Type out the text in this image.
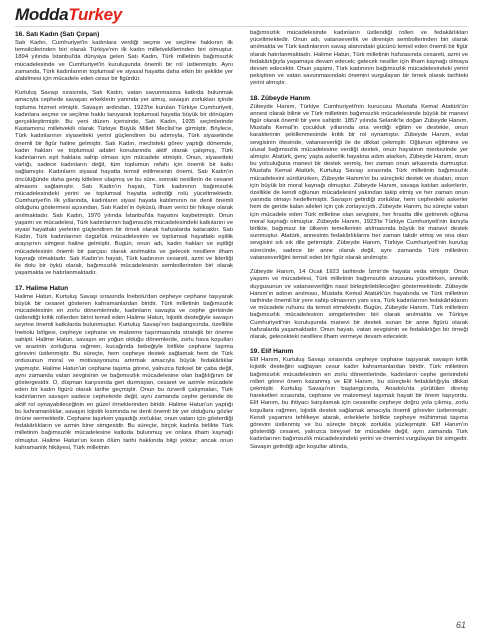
ModdaTurkey
16. Satı Kadın (Satı Çırpan)

Satı Kadın, Cumhuriyet'in kadınlara verdiği seçme ve seçilme hakkının ilk temsilcilerinden biri olarak Türkiye'nin ilk kadın milletvekillerinden biri olmuştur. 1894 yılında İstanbul'da dünyaya gelen Satı Kadın, Türk milletinin bağımsızlık mücadelesinde ve Cumhuriyet'in kuruluşunda önemli bir rol üstlenmiştir. Aynı zamanda, Türk kadınlarının toplumsal ve siyasal hayatta daha etkin bir şekilde yer alabilmesi için mücadele eden cesur bir figürdür.

Kurtuluş Savaşı sırasında, Satı Kadın, vatan savunmasına katkıda bulunmak amacıyla cephede savaşan erkeklerin yanında yer almış, savaşın zorlukları içinde topluma hizmet etmiştir. Savaşın ardından, 1923'te kurulan Türkiye Cumhuriyeti, kadınlara seçme ve seçilme hakkı tanıyarak toplumsal hayatta büyük bir dönüşüm gerçekleştirmiştir. Bu yeni düzen içerisinde, Satı Kadın, 1935 seçimlerinde Kastamonu milletvekili olarak Türkiye Büyük Millet Meclisi'ne girmiştir. Böylece, Türk kadınlarının siyasetteki yerini güçlendiren bu adımıyla, Türk siyasetinde önemli bir figür haline gelmiştir. Satı Kadın, meclisteki görev yaptığı dönemde, kadın hakları ve toplumsal adalet konularında aktif olarak çalışmış, Türk kadınlarının eşit haklara sahip olması için mücadele etmiştir. Onun, siyasetteki varlığı, sadece kadınların değil, tüm toplumun refahı için önemli bir katkı sağlamıştır. Kadınların siyasal hayatta temsil edilmesinin önemi, Satı Kadın'ın öncülüğünde daha geniş kitlelere ulaşmış ve bu süre, sonraki nesillerin de cesaret almasını sağlamıştır. Satı Kadın'ın hayatı, Türk kadınının bağımsızlık mücadelesindeki yerini ve toplumsal hayatta edindiği rolü yüceltmektedir. Cumhuriyet'in ilk yıllarında, kadınların siyasi hayata katılımının ne denli önemli olduğunu göstermesi açısından, Satı Kadın'ın öyküsü, ilham verici bir hikaye olarak anılmaktadır. Satı Kadın, 1970 yılında İstanbul'da hayatını kaybetmiştir. Onun yaşamı ve mücadelesi, Türk kadınlarının bağımsızlık mücadelesindeki katkılarını ve siyasi hayattaki yerlerini güçlendiren bir örnek olarak hafızalarda kalacaktır. Satı Kadın, Türk kadınlarının özgürlük mücadelesinin ve toplumsal hayattaki eşitlik arayışının simgesi haline gelmiştir. Bugün, onun adı, kadın hakları ve eşitliği mücadelesinin önemli bir parçası olarak anılmakta ve gelecek nesillere ilham kaynağı olmaktadır. Satı Kadın'ın hayatı, Türk kadınının cesareti, azmi ve liderliği ile dolu bir öykü olarak, bağımsızlık mücadelesinin sembollerinden biri olarak yaşamakta ve hatırlanmaktadır.

17. Halime Hatun

Halime Hatun, Kurtuluş Savaşı sırasında İnebolu'dan cepheye cephane taşıyarak büyük bir cesaret gösteren kahramanlardan biridir. Türk milletinin bağımsızlık mücadelesinin en zorlu dönemlerinde, kadınların savaşta ve cephe gerisinde üstlendiği kritik rollerden birini temsil eden Halime Hatun, lojistik desteğiyle savaşın seyrine önemli katkılarda bulunmuştur. Kurtuluş Savaşı'nın başlangıcında, özellikle İnebolu bölgesi, cepheye cephane ve malzeme taşınmasında stratejik bir öneme sahipti. Halime Hatun, savaşın en yoğun olduğu dönemlerde, zorlu hava koşulları ve arazinin zorluğuna rağmen, kucağında bebeğiyle birlikte cephane taşıma görevini üstlenmiştir. Bu süreçte, hem cepheye destek sağlamak hem de Türk ordusunun moral ve motivasyonunu artırmak amacıyla büyük fedakârlıklar yapmıştır. Halime Hatun'un cephane taşıma görevi, yalnızca fiziksel bir çaba değil, aynı zamanda vatan sevgisinin ve bağımsızlık mücadelesine olan bağlılığının bir göstergesidir. O, düşman karşısında geri durmayan, cesaret ve azimle mücadele eden bir kadın figürü olarak tarihe geçmiştir. Onun bu özverili çalışmaları, Türk kadınlarının savaşın sadece cephelerde değil, aynı zamanda cephe gerisinde de aktif rol oynayabileceğinin en güzel örneklerinden biridir. Halime Hatun'un yaptığı bu kahramanlıklar, savaşın lojistik kısmında ne denli önemli bir yer olduğunu gözler önüne sermektedir. Cephane taşırken yaşadığı zorluklar, onun vatanı için gösterdiği fedakârlıkların ve azmin birer simgesidir. Bu süreçte, birçok kadınla birlikte Türk milletinin bağımsızlık mücadelesine katkıda bulunmuş ve onlara ilham kaynağı olmuştur. Halime Hatun'un kesin ölüm tarihi hakkında bilgi yoktur; ancak onun kahramanlık hikâyesi, Türk milletinin

bağımsızlık mücadelesinde kadınların üstlendiği rolleri ve fedakârlıkları yüceltmektedir. Onun adı, vatanseverlik ve direnişin sembollerinden biri olarak anılmakta ve Türk kadınlarının savaş alanındaki gücünü temsil eden önemli bir figür olarak hatırlanmaktadır. Halime Hatun, Türk milletinin hafızasında cesareti, azmi ve fedakârlığıyla yaşamaya devam edecek; gelecek nesiller için ilham kaynağı olmaya devam edecektir. Onun yaşamı, Türk kadınının bağımsızlık mücadelesindeki yerini pekiştiren ve vatan savunmasındaki önemini vurgulayan bir örnek olarak tarihteki yerini almıştır.

18. Zübeyde Hanım

Zübeyde Hanım, Türkiye Cumhuriyeti'nin kurucusu Mustafa Kemal Atatürk'ün annesi olarak bilinir ve Türk milletinin bağımsızlık mücadelesinde büyük bir manevi figür olarak önemli bir yere sahiptir. 1857 yılında Selanik'te doğan Zübeyde Hanım, Mustafa Kemal'in çocukluk yıllarında ona verdiği eğitim ve destekle, onun karakterinin şekillenmesinde kritik bir rol oynamıştır. Zübeyde Hanım, evlat sevgisinin ötesinde, vatanseverliği ile de dikkat çekmiştir. Oğlunun eğitimine ve ulusal bağımsızlık mücadelesine verdiği destek, onun hayatının merkezinde yer almıştır. Atatürk, genç yaşta askerlik hayatına adım atarken, Zübeyde Hanım, onun bu yolculuğuna manevi bir destek vermiş, her zaman onun arkasında durmuştur. Mustafa Kemal Atatürk, Kurtuluş Savaşı sırasında Türk milletinin bağımsızlık mücadelesini sürdürürken, Zübeyde Hanım'ın bu süreçteki destek ve duaları, onun için büyük bir moral kaynağı olmuştur. Zübeyde Hanım, savaşa katılan askerlerin, özellikle de kendi oğlunun mücadelesini yakından takip etmiş ve her zaman onun yanında olmayı hedeflemiştir. Savaşın getirdiği zorluklar, hem cephedeki askerler hem de geride kalan aileleri için çok zorlayıcıydı. Zübeyde Hanım, bu süreçte vatan için mücadele eden Türk milletine olan sevgisini, her fırsatta dile getirerek oğluna moral kaynağı olmuştur. Zübeyde Hanım, 1923'te Türkiye Cumhuriyeti'nin ilanıyla birlikte, bağımsız bir ülkenin temellerinin atılmasında büyük bir manevi destek sunmuştur. Atatürk, annesinin fedakârlıklarını her zaman takdir etmiş ve ona olan sevgisini sık sık dile getirmiştir. Zübeyde Hanım, Türkiye Cumhuriyeti'nin kuruluş sürecinde, sadece bir anne olarak değil, aynı zamanda Türk milletinin vatanseverliğini temsil eden bir figür olarak anılmıştır.

Zübeyde Hanım, 14 Ocak 1923 tarihinde İzmir'de hayata veda etmiştir. Onun yaşamı ve mücadelesi, Türk milletinin bağımsızlık arzusunu yüceltirken, annelik duygusunun ve vatanseverliğin nasıl birleştirilebileceğini göstermektedir. Zübeyde Hanım'ın adının anılması, Mustafa Kemal Atatürk'ün hayatında ve Türk milletinin tarihinde önemli bir yere sahip olmasının yanı sıra, Türk kadınlarının fedakârlıklarını ve mücadele ruhunu da temsil etmektedir. Bugün, Zübeyde Hanım, Türk milletinin bağımsızlık mücadelesinin simgelerinden biri olarak anılmakta ve Türkiye Cumhuriyeti'nin kuruluşunda manevi bir destek sunan bir anne figürü olarak hafızalarda yaşamaktadır. Onun hayatı, vatan sevgisinin ve fedakârlığın bir örneği olarak, gelecekteki nesillere ilham vermeye devam edecektir.

19. Elif Hanım

Elif Hanım, Kurtuluş Savaşı sırasında cepheye cephane taşıyarak savaşın kritik lojistik desteğini sağlayan cesur kadın kahramanlardan biridir. Türk milletinin bağımsızlık mücadelesinin en zorlu dönemlerinde, kadınların cephe gerisindeki rolleri görevi önem kazanmış ve Elif Hanım, bu süreçteki fedakârlığıyla dikkat çekmiştir. Kurtuluş Savaşı'nın başlangıcında, Anadolu'da yürütülen direniş hareketleri sırasında, cephane ve malzemeyi taşımak hayati bir önem taşıyordu. Elif Hanım, bu ihtiyacı karşılamak için cesaretle cepheye doğru yola çıkmış, zorlu koşullara rağmen, lojistik destek sağlamak amacıyla önemli görevler üstlenmiştir. Kendi yaşamını tehlikeye atarak, erkeklerle birlikte cepheye mühimmat taşıma görevini üstlenmiş ve bu süreçte birçok zorlukla yüzleşmiştir. Elif Hanım'ın gösterdiği cesaret, yalnızca bireysel bir mücadele değil, aynı zamanda Türk kadınlarının bağımsızlık mücadelesindeki yerini ve önemini vurgulayan bir simgedir. Savaşın getirdiği ağır koşullar altında,

61
